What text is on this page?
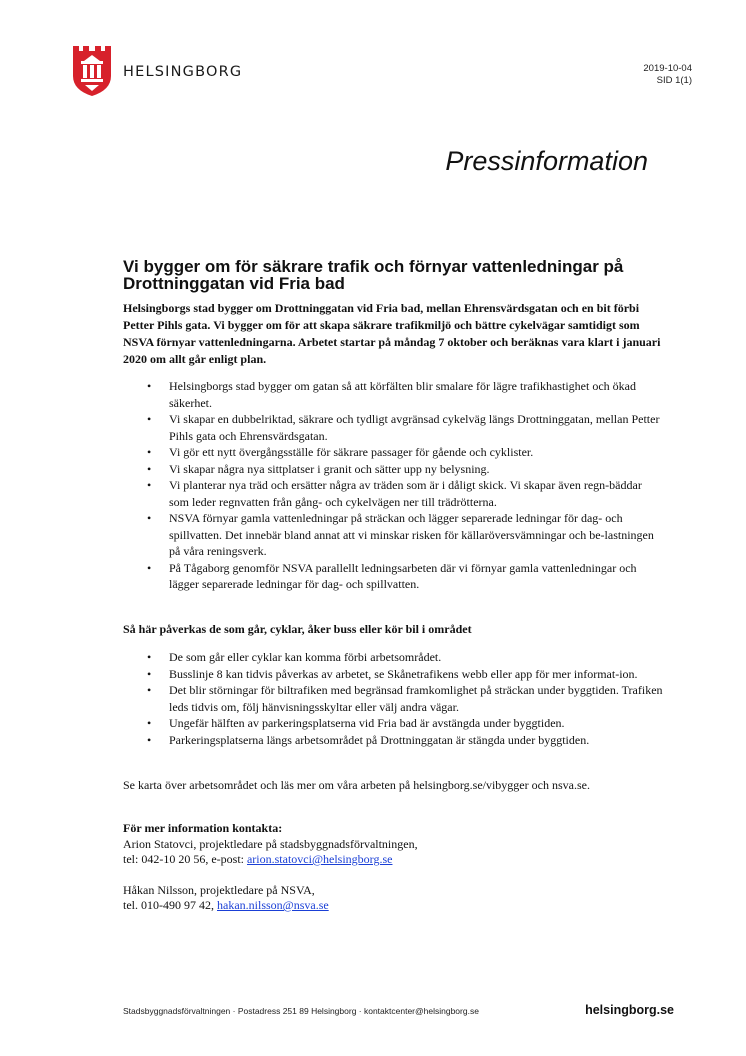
HELSINGBORG	2019-10-04
SID 1(1)
Pressinformation
Vi bygger om för säkrare trafik och förnyar vattenledningar på Drottninggatan vid Fria bad

Helsingborgs stad bygger om Drottninggatan vid Fria bad, mellan Ehrensvärdsgatan och en bit förbi Petter Pihls gata. Vi bygger om för att skapa säkrare trafikmiljö och bättre cykelvägar samtidigt som NSVA förnyar vattenledningarna. Arbetet startar på måndag 7 oktober och beräknas vara klart i januari 2020 om allt går enligt plan.

• Helsingborgs stad bygger om gatan så att körfälten blir smalare för lägre trafikhastighet och ökad säkerhet.
• Vi skapar en dubbelriktad, säkrare och tydligt avgränsad cykelväg längs Drottninggatan, mellan Petter Pihls gata och Ehrensvärdsgatan.
• Vi gör ett nytt övergångsställe för säkrare passager för gående och cyklister.
• Vi skapar några nya sittplatser i granit och sätter upp ny belysning.
• Vi planterar nya träd och ersätter några av träden som är i dåligt skick. Vi skapar även regn-bäddar som leder regnvatten från gång- och cykelvägen ner till trädrötterna.
• NSVA förnyar gamla vattenledningar på sträckan och lägger separerade ledningar för dag- och spillvatten. Det innebär bland annat att vi minskar risken för källaröversvämningar och be-lastningen på våra reningsverk.
• På Tågaborg genomför NSVA parallellt ledningsarbeten där vi förnyar gamla vattenledningar och lägger separerade ledningar för dag- och spillvatten.

Så här påverkas de som går, cyklar, åker buss eller kör bil i området

• De som går eller cyklar kan komma förbi arbetsområdet.
• Busslinje 8 kan tidvis påverkas av arbetet, se Skånetrafikens webb eller app för mer informat-ion.
• Det blir störningar för biltrafiken med begränsad framkomlighet på sträckan under byggtiden. Trafiken leds tidvis om, följ hänvisningsskyltar eller välj andra vägar.
• Ungefär hälften av parkeringsplatserna vid Fria bad är avstängda under byggtiden.
• Parkeringsplatserna längs arbetsområdet på Drottninggatan är stängda under byggtiden.

Se karta över arbetsområdet och läs mer om våra arbeten på helsingborg.se/vibygger och nsva.se.

För mer information kontakta:
Arion Statovci, projektledare på stadsbyggnadsförvaltningen,
tel: 042-10 20 56, e-post: arion.statovci@helsingborg.se
Håkan Nilsson, projektledare på NSVA,
tel. 010-490 97 42, hakan.nilsson@nsva.se
Stadsbyggnadsförvaltningen · Postadress 251 89 Helsingborg · kontaktcenter@helsingborg.se	helsingborg.se
